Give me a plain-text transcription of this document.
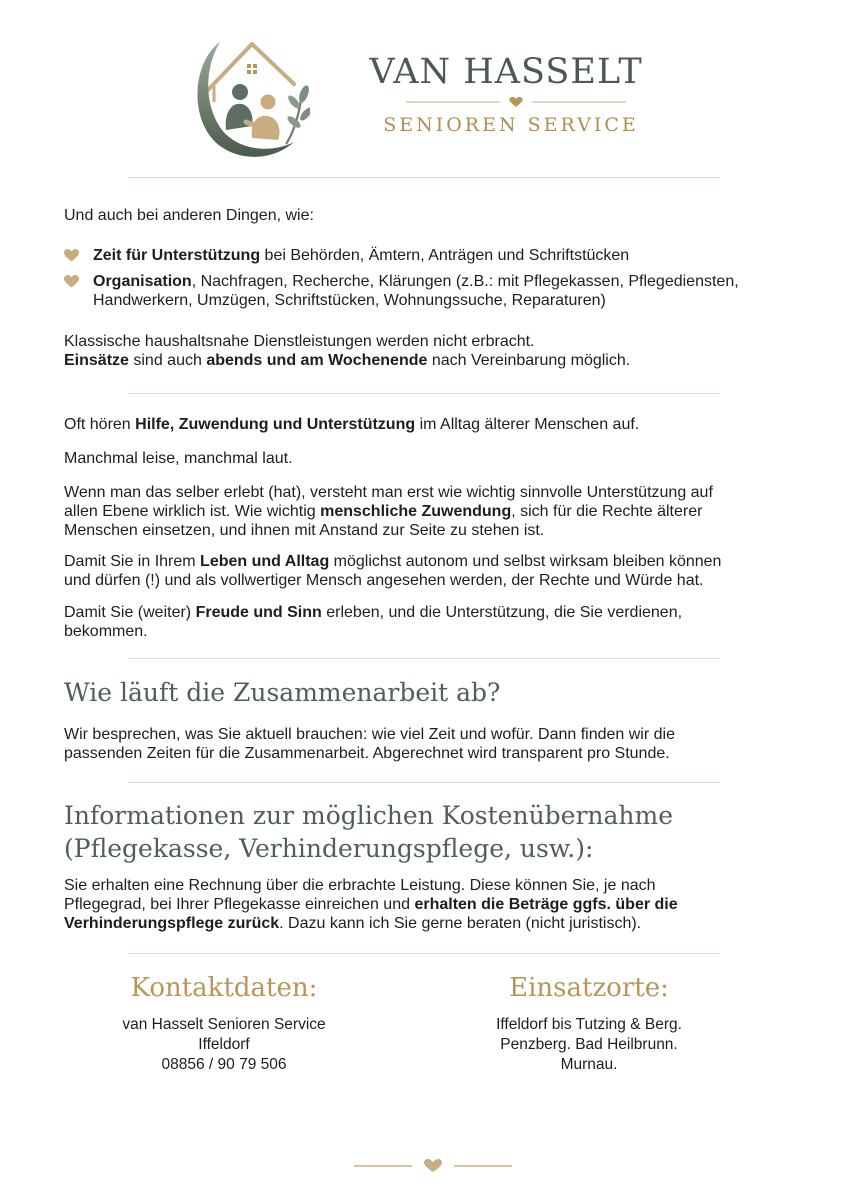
VAN HASSELT
SENIOREN SERVICE
Und auch bei anderen Dingen, wie:
Zeit für Unterstützung bei Behörden, Ämtern, Anträgen und Schriftstücken
Organisation, Nachfragen, Recherche, Klärungen (z.B.: mit Pflegekassen, Pflegediensten,
Handwerkern, Umzügen, Schriftstücken, Wohnungssuche, Reparaturen)
Klassische haushaltsnahe Dienstleistungen werden nicht erbracht.
Einsätze sind auch abends und am Wochenende nach Vereinbarung möglich.
Oft hören Hilfe, Zuwendung und Unterstützung im Alltag älterer Menschen auf.
Manchmal leise, manchmal laut.
Wenn man das selber erlebt (hat), versteht man erst wie wichtig sinnvolle Unterstützung auf
allen Ebene wirklich ist. Wie wichtig menschliche Zuwendung, sich für die Rechte älterer
Menschen einsetzen, und ihnen mit Anstand zur Seite zu stehen ist.
Damit Sie in Ihrem Leben und Alltag möglichst autonom und selbst wirksam bleiben können
und dürfen (!) und als vollwertiger Mensch angesehen werden, der Rechte und Würde hat.
Damit Sie (weiter) Freude und Sinn erleben, und die Unterstützung, die Sie verdienen,
bekommen.
Wie läuft die Zusammenarbeit ab?
Wir besprechen, was Sie aktuell brauchen: wie viel Zeit und wofür. Dann finden wir die
passenden Zeiten für die Zusammenarbeit. Abgerechnet wird transparent pro Stunde.
Informationen zur möglichen Kostenübernahme
(Pflegekasse, Verhinderungspflege, usw.):
Sie erhalten eine Rechnung über die erbrachte Leistung. Diese können Sie, je nach
Pflegegrad, bei Ihrer Pflegekasse einreichen und erhalten die Beträge ggfs. über die
Verhinderungspflege zurück. Dazu kann ich Sie gerne beraten (nicht juristisch).
Kontaktdaten:
van Hasselt Senioren Service
Iffeldorf
08856 / 90 79 506
Einsatzorte:
Iffeldorf bis Tutzing & Berg.
Penzberg. Bad Heilbrunn.
Murnau.
